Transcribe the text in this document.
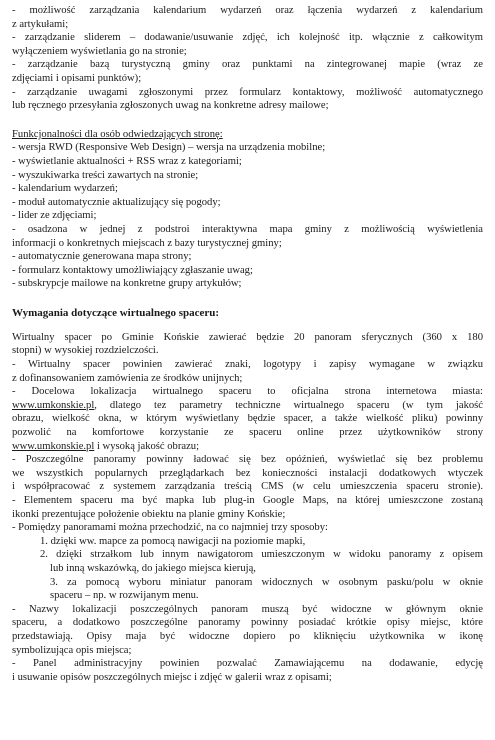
- możliwość zarządzania kalendarium wydarzeń oraz łączenia wydarzeń z kalendarium
z artykułami;
- zarządzanie sliderem – dodawanie/usuwanie zdjęć, ich kolejność itp. włącznie z całkowitym
wyłączeniem wyświetlania go na stronie;
- zarządzanie bazą turystyczną gminy oraz punktami na zintegrowanej mapie (wraz ze
zdjęciami i opisami punktów);
- zarządzanie uwagami zgłoszonymi przez formularz kontaktowy, możliwość automatycznego
lub ręcznego przesyłania zgłoszonych uwag na konkretne adresy mailowe;
Funkcjonalności dla osób odwiedzających stronę:
- wersja RWD (Responsive Web Design) – wersja na urządzenia mobilne;
- wyświetlanie aktualności + RSS wraz z kategoriami;
- wyszukiwarka treści zawartych na stronie;
- kalendarium wydarzeń;
- moduł automatycznie aktualizujący się pogody;
- lider ze zdjęciami;
- osadzona w jednej z podstroi interaktywna mapa gminy z możliwością wyświetlenia
informacji o konkretnych miejscach z bazy turystycznej gminy;
- automatycznie generowana mapa strony;
- formularz kontaktowy umożliwiający zgłaszanie uwag;
- subskrypcje mailowe na konkretne grupy artykułów;
Wymagania dotyczące wirtualnego spaceru:
Wirtualny spacer po Gminie Końskie zawierać będzie 20 panoram sferycznych (360 x 180
stopni) w wysokiej rozdzielczości.
- Wirtualny spacer powinien zawierać znaki, logotypy i zapisy wymagane w związku
z dofinansowaniem zamówienia ze środków unijnych;
- Docelowa lokalizacja wirtualnego spaceru to oficjalna strona internetowa miasta:
www.umkonskie.pl, dlatego tez parametry techniczne wirtualnego spaceru (w tym jakość
obrazu, wielkość okna, w którym wyświetlany będzie spacer, a także wielkość pliku) powinny
pozwolić na komfortowe korzystanie ze spaceru online przez użytkowników strony
www.umkonskie.pl i wysoką jakość obrazu;
- Poszczególne panoramy powinny ładować się bez opóźnień, wyświetlać się bez problemu
we wszystkich popularnych przeglądarkach bez konieczności instalacji dodatkowych wtyczek
i współpracować z systemem zarządzania treścią CMS (w celu umieszczenia spaceru stronie).
- Elementem spaceru ma być mapka lub plug-in Google Maps, na której umieszczone zostaną
ikonki prezentujące położenie obiektu na planie gminy Końskie;
- Pomiędzy panoramami można przechodzić, na co najmniej trzy sposoby:
1. dzięki ww. mapce za pomocą nawigacji na poziomie mapki,
2. dzięki strzałkom lub innym nawigatorom umieszczonym w widoku panoramy z opisem
lub inną wskazówką, do jakiego miejsca kierują,
3. za pomocą wyboru miniatur panoram widocznych w osobnym pasku/polu w oknie
spaceru – np. w rozwijanym menu.
- Nazwy lokalizacji poszczególnych panoram muszą być widoczne w głównym oknie
spaceru, a dodatkowo poszczególne panoramy powinny posiadać krótkie opisy miejsc, które
przedstawiają. Opisy maja być widoczne dopiero po kliknięciu użytkownika w ikonę
symbolizująca opis miejsca;
- Panel administracyjny powinien pozwalać Zamawiającemu na dodawanie, edycję
i usuwanie opisów poszczególnych miejsc i zdjęć w galerii wraz z opisami;
